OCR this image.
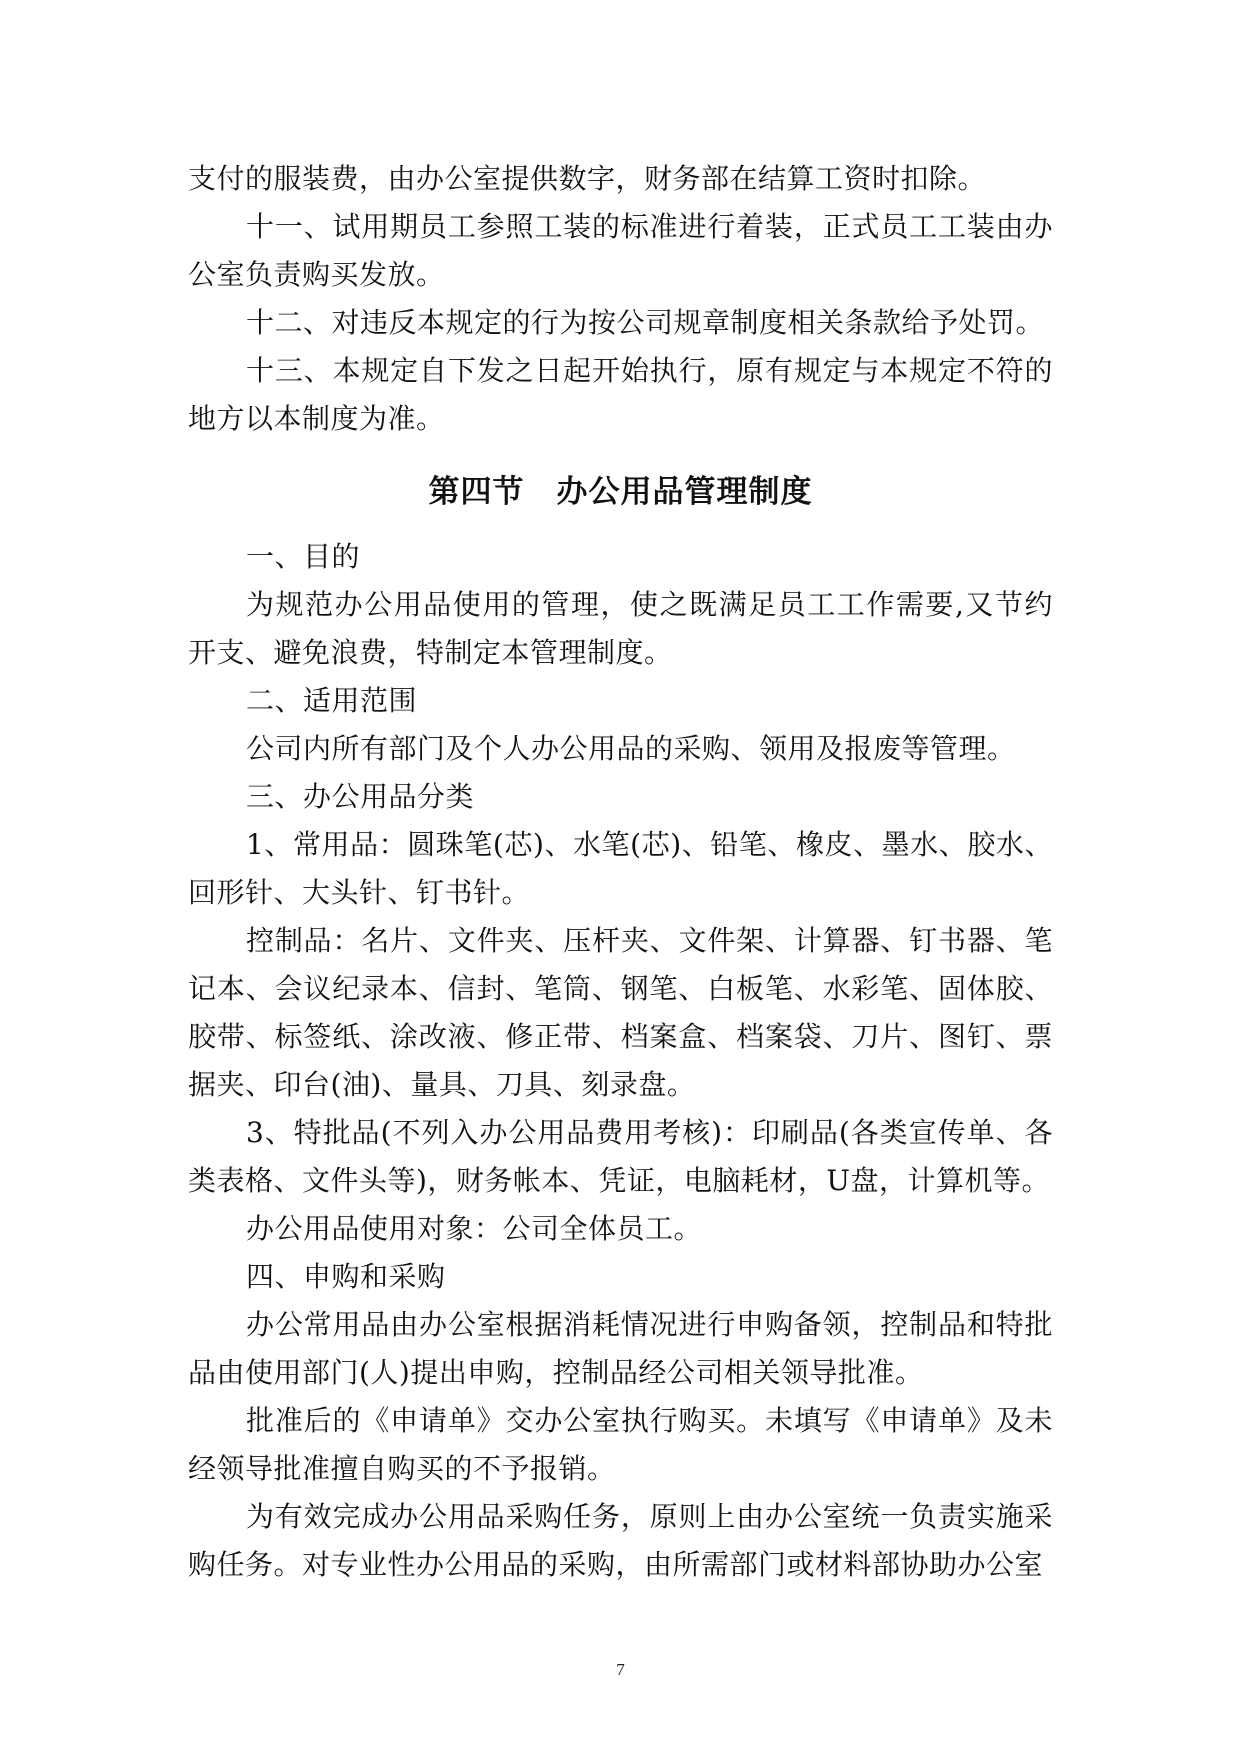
支付的服装费，由办公室提供数字，财务部在结算工资时扣除。

十一、试用期员工参照工装的标准进行着装，正式员工工装由办公室负责购买发放。

十二、对违反本规定的行为按公司规章制度相关条款给予处罚。

十三、本规定自下发之日起开始执行，原有规定与本规定不符的地方以本制度为准。

第四节　办公用品管理制度

一、目的

为规范办公用品使用的管理，使之既满足员工工作需要,又节约开支、避免浪费，特制定本管理制度。

二、适用范围

公司内所有部门及个人办公用品的采购、领用及报废等管理。

三、办公用品分类

1、常用品：圆珠笔(芯)、水笔(芯)、铅笔、橡皮、墨水、胶水、回形针、大头针、钉书针。

控制品：名片、文件夹、压杆夹、文件架、计算器、钉书器、笔记本、会议纪录本、信封、笔筒、钢笔、白板笔、水彩笔、固体胶、胶带、标签纸、涂改液、修正带、档案盒、档案袋、刀片、图钉、票据夹、印台(油)、量具、刀具、刻录盘。

3、特批品(不列入办公用品费用考核)：印刷品(各类宣传单、各类表格、文件头等)，财务帐本、凭证，电脑耗材，U盘，计算机等。

办公用品使用对象：公司全体员工。

四、申购和采购

办公常用品由办公室根据消耗情况进行申购备领，控制品和特批品由使用部门(人)提出申购，控制品经公司相关领导批准。

批准后的《申请单》交办公室执行购买。未填写《申请单》及未经领导批准擅自购买的不予报销。

为有效完成办公用品采购任务，原则上由办公室统一负责实施采购任务。对专业性办公用品的采购，由所需部门或材料部协助办公室

7
